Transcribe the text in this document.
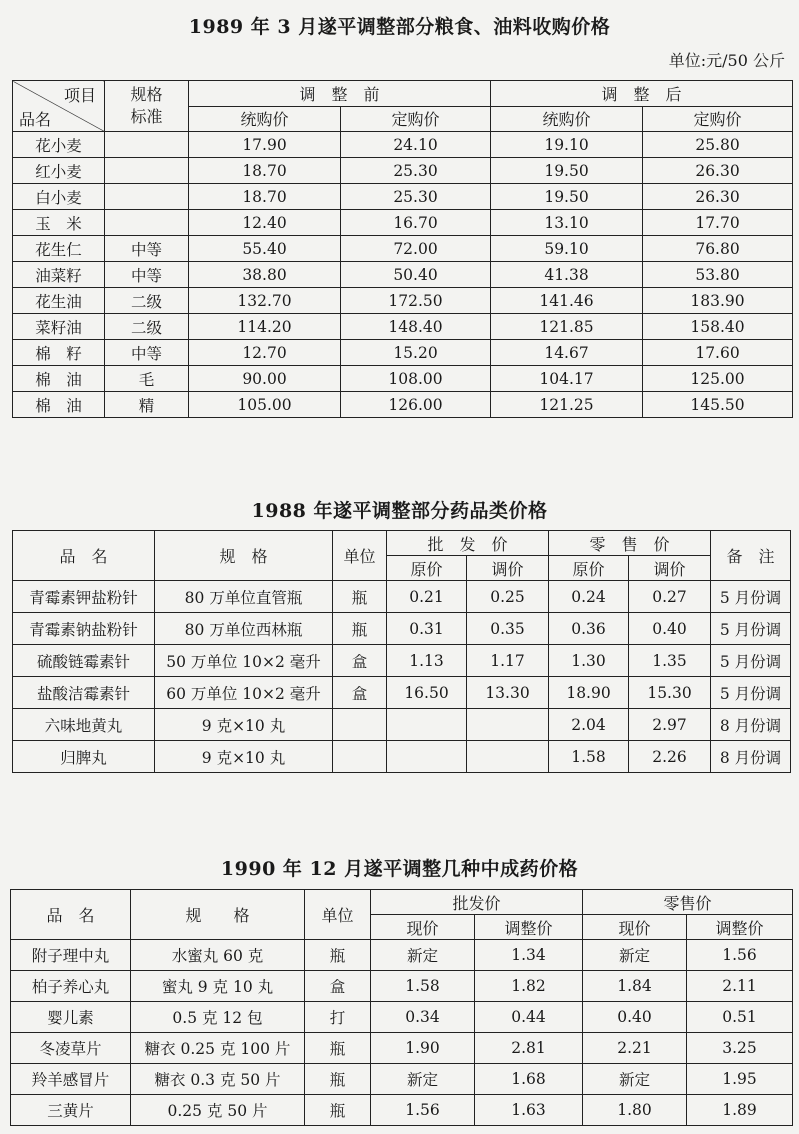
1989 年 3 月遂平调整部分粮食、油料收购价格
单位:元/50 公斤
项目
品名	规格标准	调　整　前		调　整　后	
		统购价	定购价	统购价	定购价
花小麦		17.90	24.10	19.10	25.80
红小麦		18.70	25.30	19.50	26.30
白小麦		18.70	25.30	19.50	26.30
玉　米		12.40	16.70	13.10	17.70
花生仁	中等	55.40	72.00	59.10	76.80
油菜籽	中等	38.80	50.40	41.38	53.80
花生油	二级	132.70	172.50	141.46	183.90
菜籽油	二级	114.20	148.40	121.85	158.40
棉　籽	中等	12.70	15.20	14.67	17.60
棉　油	毛	90.00	108.00	104.17	125.00
棉　油	精	105.00	126.00	121.25	145.50
1988 年遂平调整部分药品类价格
品　名	规　格	单位	批　发　价		零　售　价		备　注
			原价	调价	原价	调价	
青霉素钾盐粉针	80 万单位直管瓶	瓶	0.21	0.25	0.24	0.27	5 月份调
青霉素钠盐粉针	80 万单位西林瓶	瓶	0.31	0.35	0.36	0.40	5 月份调
硫酸链霉素针	50 万单位 10×2 毫升	盒	1.13	1.17	1.30	1.35	5 月份调
盐酸洁霉素针	60 万单位 10×2 毫升	盒	16.50	13.30	18.90	15.30	5 月份调
六味地黄丸	9 克×10 丸				2.04	2.97	8 月份调
归脾丸	9 克×10 丸				1.58	2.26	8 月份调
1990 年 12 月遂平调整几种中成药价格
品　名	规　　格	单位	批发价		零售价	
			现价	调整价	现价	调整价
附子理中丸	水蜜丸 60 克	瓶	新定	1.34	新定	1.56
柏子养心丸	蜜丸 9 克 10 丸	盒	1.58	1.82	1.84	2.11
婴儿素	0.5 克 12 包	打	0.34	0.44	0.40	0.51
冬凌草片	糖衣 0.25 克 100 片	瓶	1.90	2.81	2.21	3.25
羚羊感冒片	糖衣 0.3 克 50 片	瓶	新定	1.68	新定	1.95
三黄片	0.25 克 50 片	瓶	1.56	1.63	1.80	1.89
